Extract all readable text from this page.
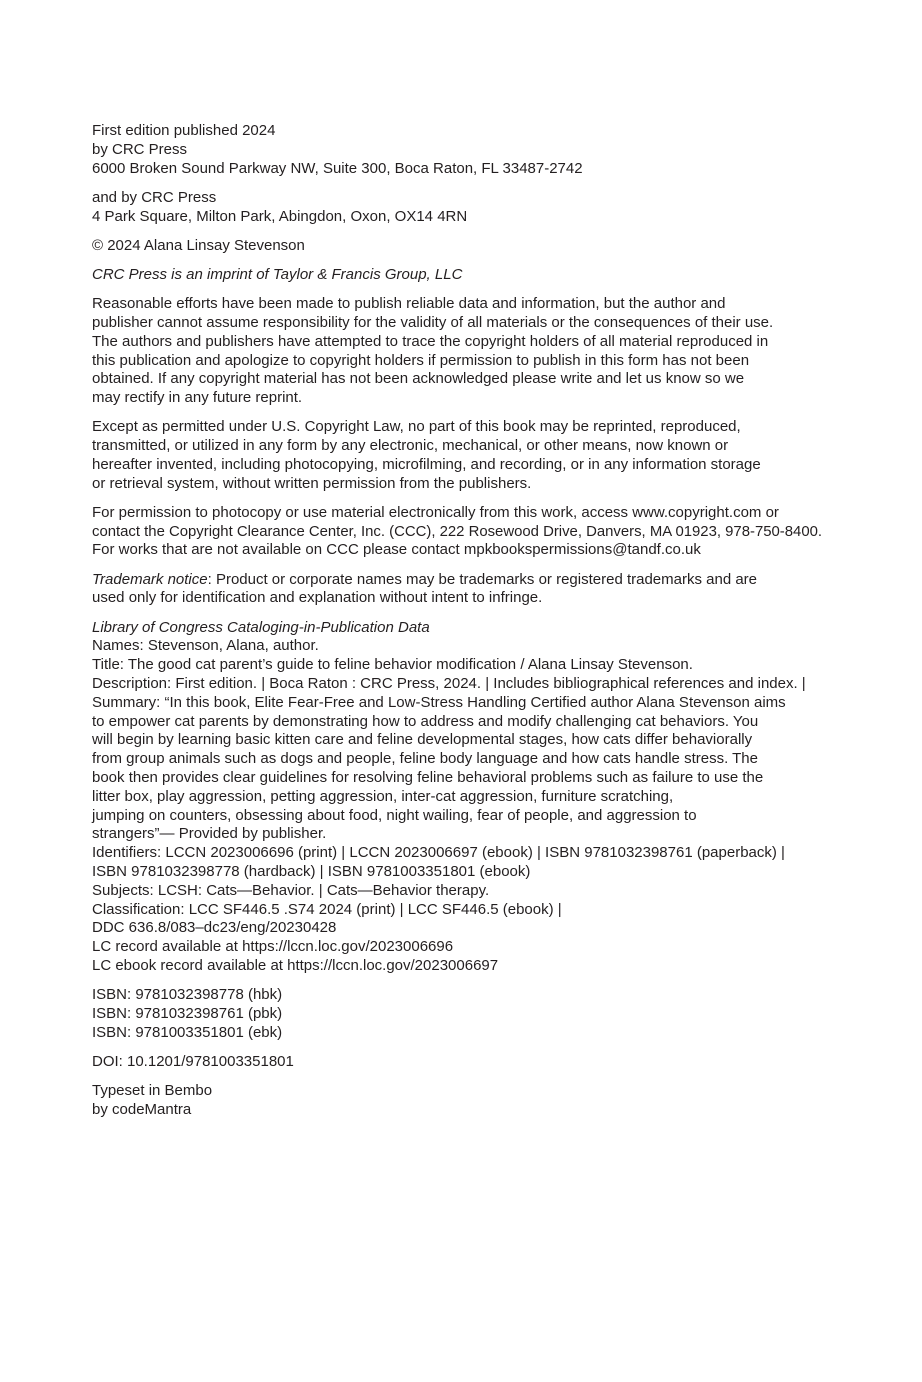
First edition published 2024
by CRC Press
6000 Broken Sound Parkway NW, Suite 300, Boca Raton, FL 33487-2742
and by CRC Press
4 Park Square, Milton Park, Abingdon, Oxon, OX14 4RN
© 2024 Alana Linsay Stevenson
CRC Press is an imprint of Taylor & Francis Group, LLC
Reasonable efforts have been made to publish reliable data and information, but the author and
publisher cannot assume responsibility for the validity of all materials or the consequences of their use.
The authors and publishers have attempted to trace the copyright holders of all material reproduced in
this publication and apologize to copyright holders if permission to publish in this form has not been
obtained. If any copyright material has not been acknowledged please write and let us know so we
may rectify in any future reprint.
Except as permitted under U.S. Copyright Law, no part of this book may be reprinted, reproduced,
transmitted, or utilized in any form by any electronic, mechanical, or other means, now known or
hereafter invented, including photocopying, microfilming, and recording, or in any information storage
or retrieval system, without written permission from the publishers.
For permission to photocopy or use material electronically from this work, access www.copyright.com or
contact the Copyright Clearance Center, Inc. (CCC), 222 Rosewood Drive, Danvers, MA 01923, 978-750-8400.
For works that are not available on CCC please contact mpkbookspermissions@tandf.co.uk
Trademark notice: Product or corporate names may be trademarks or registered trademarks and are
used only for identification and explanation without intent to infringe.
Library of Congress Cataloging-in-Publication Data
Names: Stevenson, Alana, author.
Title: The good cat parent’s guide to feline behavior modification / Alana Linsay Stevenson.
Description: First edition. | Boca Raton : CRC Press, 2024. | Includes bibliographical references and index. |
Summary: “In this book, Elite Fear-Free and Low-Stress Handling Certified author Alana Stevenson aims
to empower cat parents by demonstrating how to address and modify challenging cat behaviors. You
will begin by learning basic kitten care and feline developmental stages, how cats differ behaviorally
from group animals such as dogs and people, feline body language and how cats handle stress. The
book then provides clear guidelines for resolving feline behavioral problems such as failure to use the
litter box, play aggression, petting aggression, inter-cat aggression, furniture scratching,
jumping on counters, obsessing about food, night wailing, fear of people, and aggression to
strangers”— Provided by publisher.
Identifiers: LCCN 2023006696 (print) | LCCN 2023006697 (ebook) | ISBN 9781032398761 (paperback) |
ISBN 9781032398778 (hardback) | ISBN 9781003351801 (ebook)
Subjects: LCSH: Cats—Behavior. | Cats—Behavior therapy.
Classification: LCC SF446.5 .S74 2024 (print) | LCC SF446.5 (ebook) |
DDC 636.8/083–dc23/eng/20230428
LC record available at https://lccn.loc.gov/2023006696
LC ebook record available at https://lccn.loc.gov/2023006697
ISBN: 9781032398778 (hbk)
ISBN: 9781032398761 (pbk)
ISBN: 9781003351801 (ebk)
DOI: 10.1201/9781003351801
Typeset in Bembo
by codeMantra
